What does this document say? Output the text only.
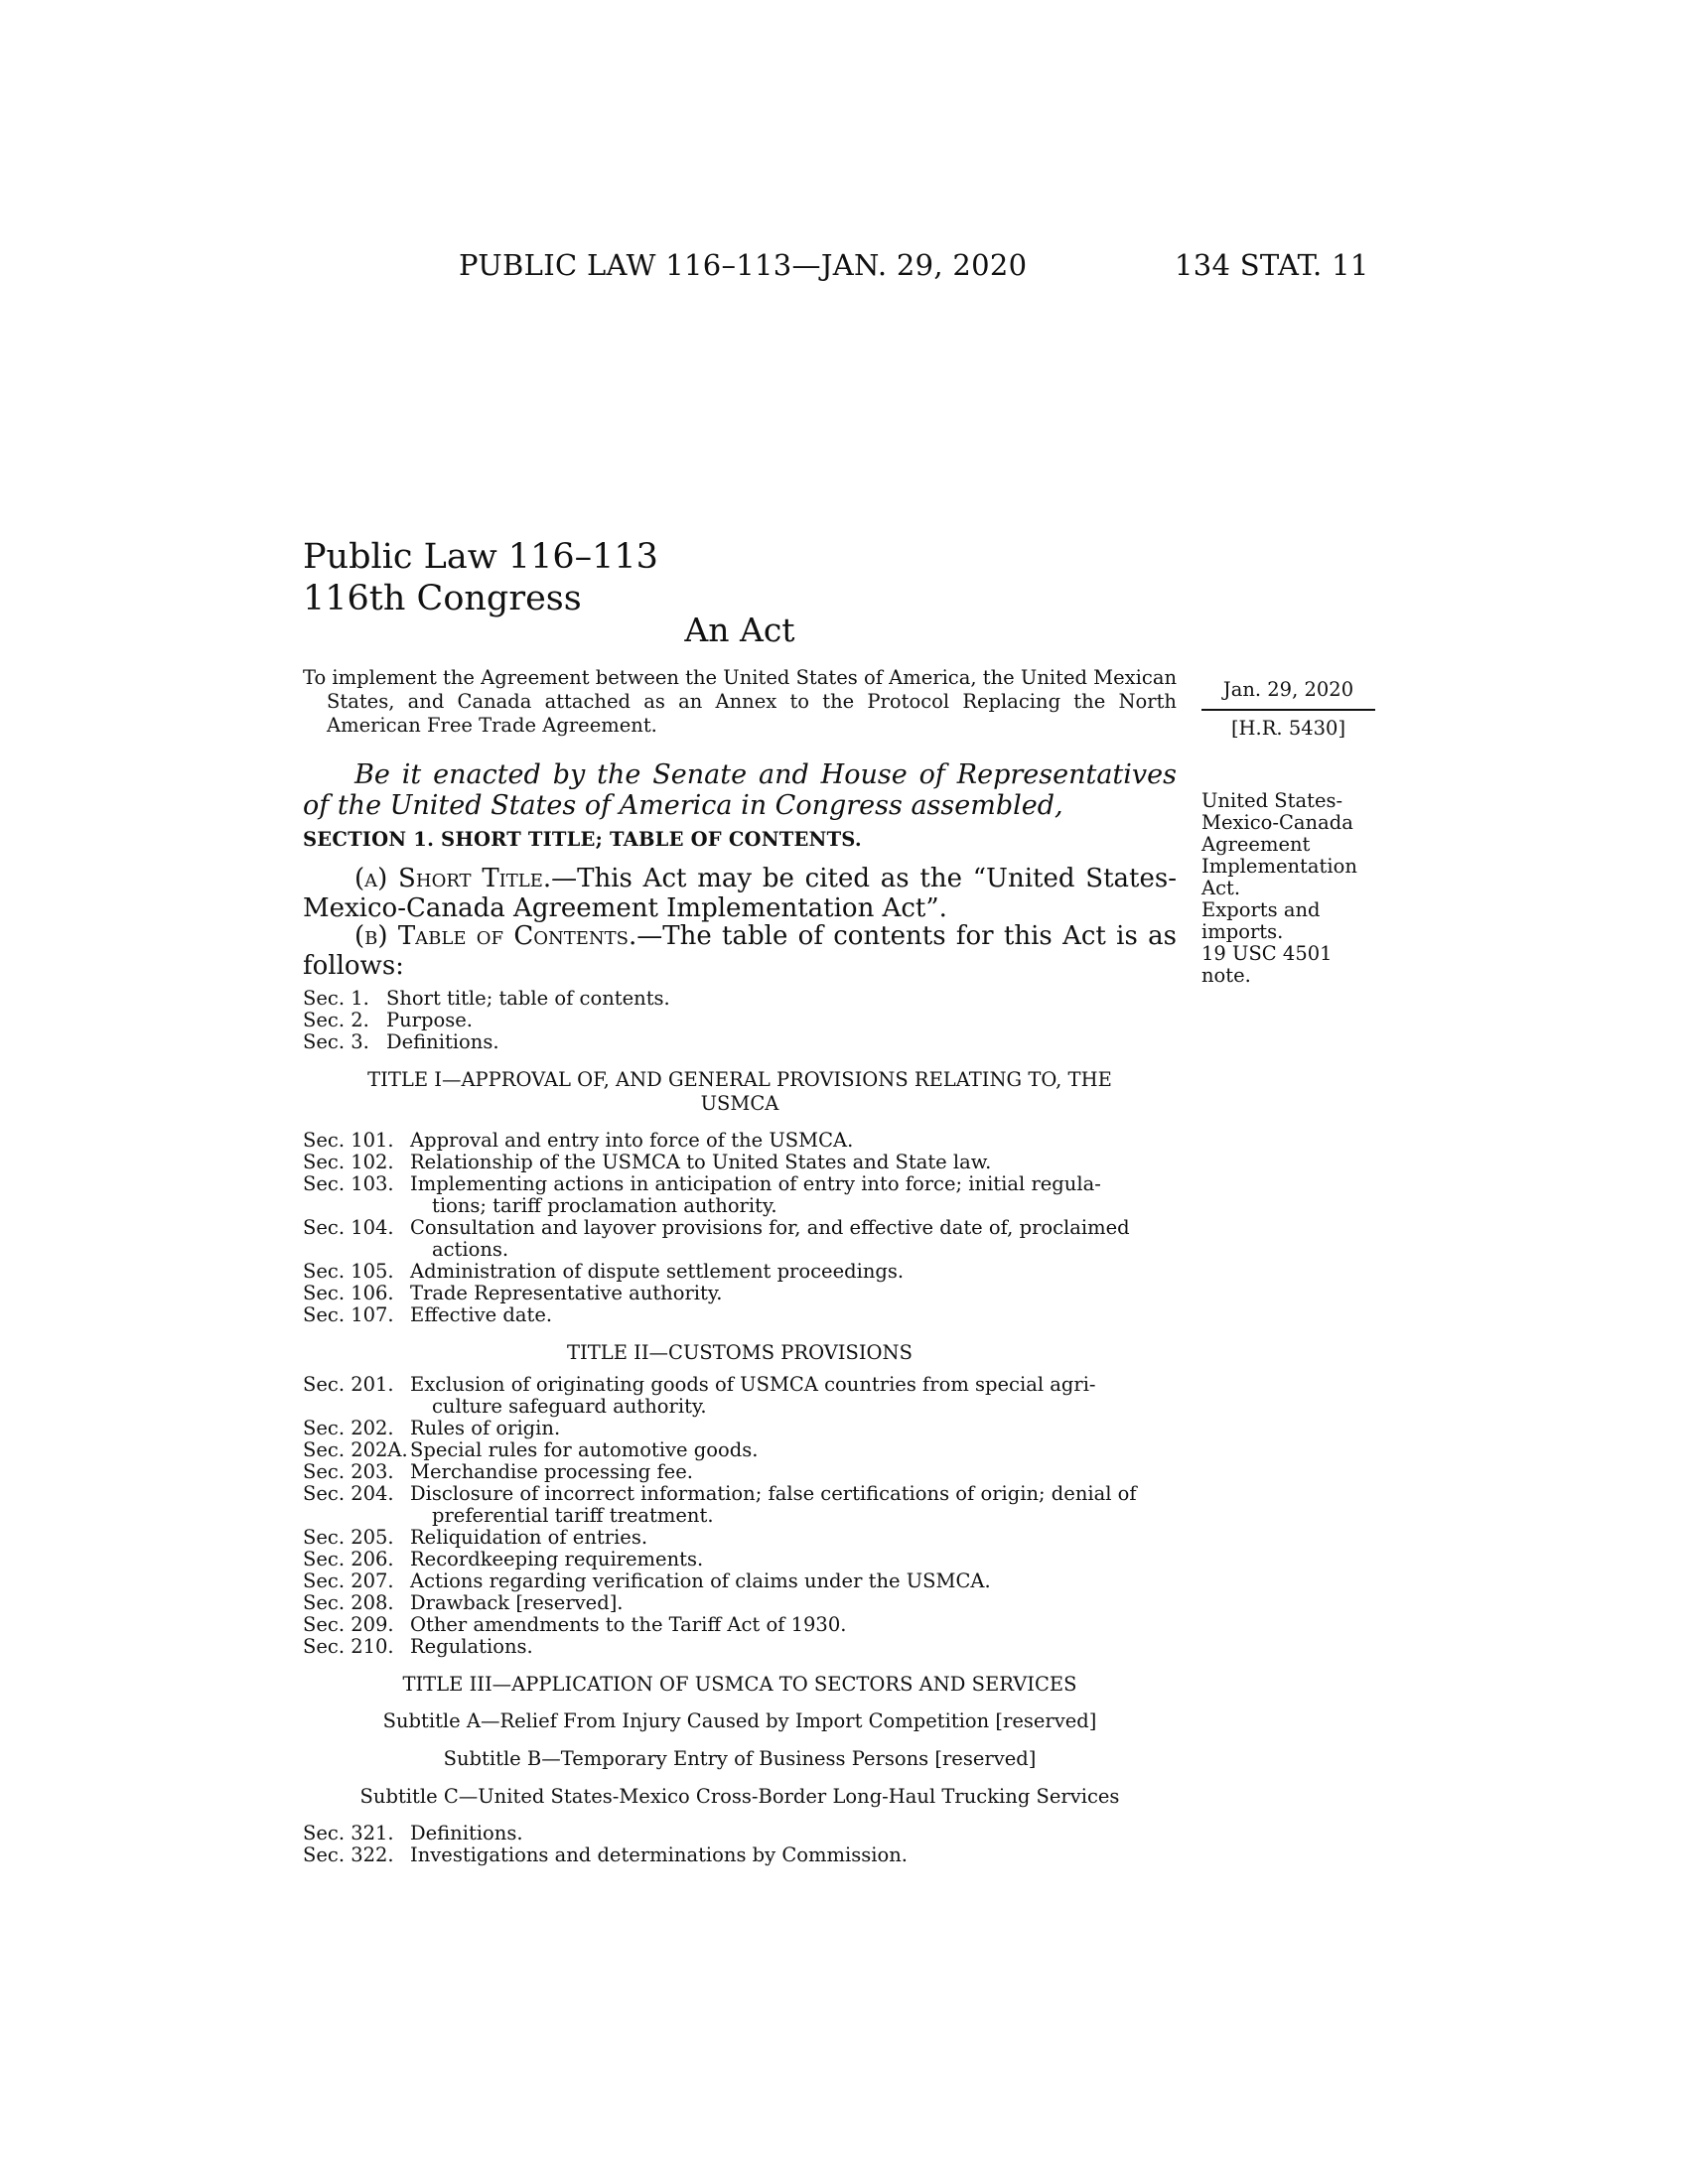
PUBLIC LAW 116–113—JAN. 29, 2020	134 STAT. 11
Public Law 116–113
116th Congress
An Act
To implement the Agreement between the United States of America, the United Mexican States, and Canada attached as an Annex to the Protocol Replacing the North American Free Trade Agreement.
Jan. 29, 2020
[H.R. 5430]
Be it enacted by the Senate and House of Representatives of the United States of America in Congress assembled,	United States-
Mexico-Canada
Agreement
Implementation
Act.
Exports and
imports.
19 USC 4501
note.
SECTION 1. SHORT TITLE; TABLE OF CONTENTS.
(a) Short Title.—This Act may be cited as the “United States-Mexico-Canada Agreement Implementation Act”.
(b) Table of Contents.—The table of contents for this Act is as follows:
Sec. 1. Short title; table of contents.
Sec. 2. Purpose.
Sec. 3. Definitions.
TITLE I—APPROVAL OF, AND GENERAL PROVISIONS RELATING TO, THE
USMCA
Sec. 101. Approval and entry into force of the USMCA.
Sec. 102. Relationship of the USMCA to United States and State law.
Sec. 103. Implementing actions in anticipation of entry into force; initial regula-
tions; tariff proclamation authority.
Sec. 104. Consultation and layover provisions for, and effective date of, proclaimed
actions.
Sec. 105. Administration of dispute settlement proceedings.
Sec. 106. Trade Representative authority.
Sec. 107. Effective date.
TITLE II—CUSTOMS PROVISIONS
Sec. 201. Exclusion of originating goods of USMCA countries from special agri-
culture safeguard authority.
Sec. 202. Rules of origin.
Sec. 202A. Special rules for automotive goods.
Sec. 203. Merchandise processing fee.
Sec. 204. Disclosure of incorrect information; false certifications of origin; denial of
preferential tariff treatment.
Sec. 205. Reliquidation of entries.
Sec. 206. Recordkeeping requirements.
Sec. 207. Actions regarding verification of claims under the USMCA.
Sec. 208. Drawback [reserved].
Sec. 209. Other amendments to the Tariff Act of 1930.
Sec. 210. Regulations.
TITLE III—APPLICATION OF USMCA TO SECTORS AND SERVICES
Subtitle A—Relief From Injury Caused by Import Competition [reserved]
Subtitle B—Temporary Entry of Business Persons [reserved]
Subtitle C—United States-Mexico Cross-Border Long-Haul Trucking Services
Sec. 321. Definitions.
Sec. 322. Investigations and determinations by Commission.
